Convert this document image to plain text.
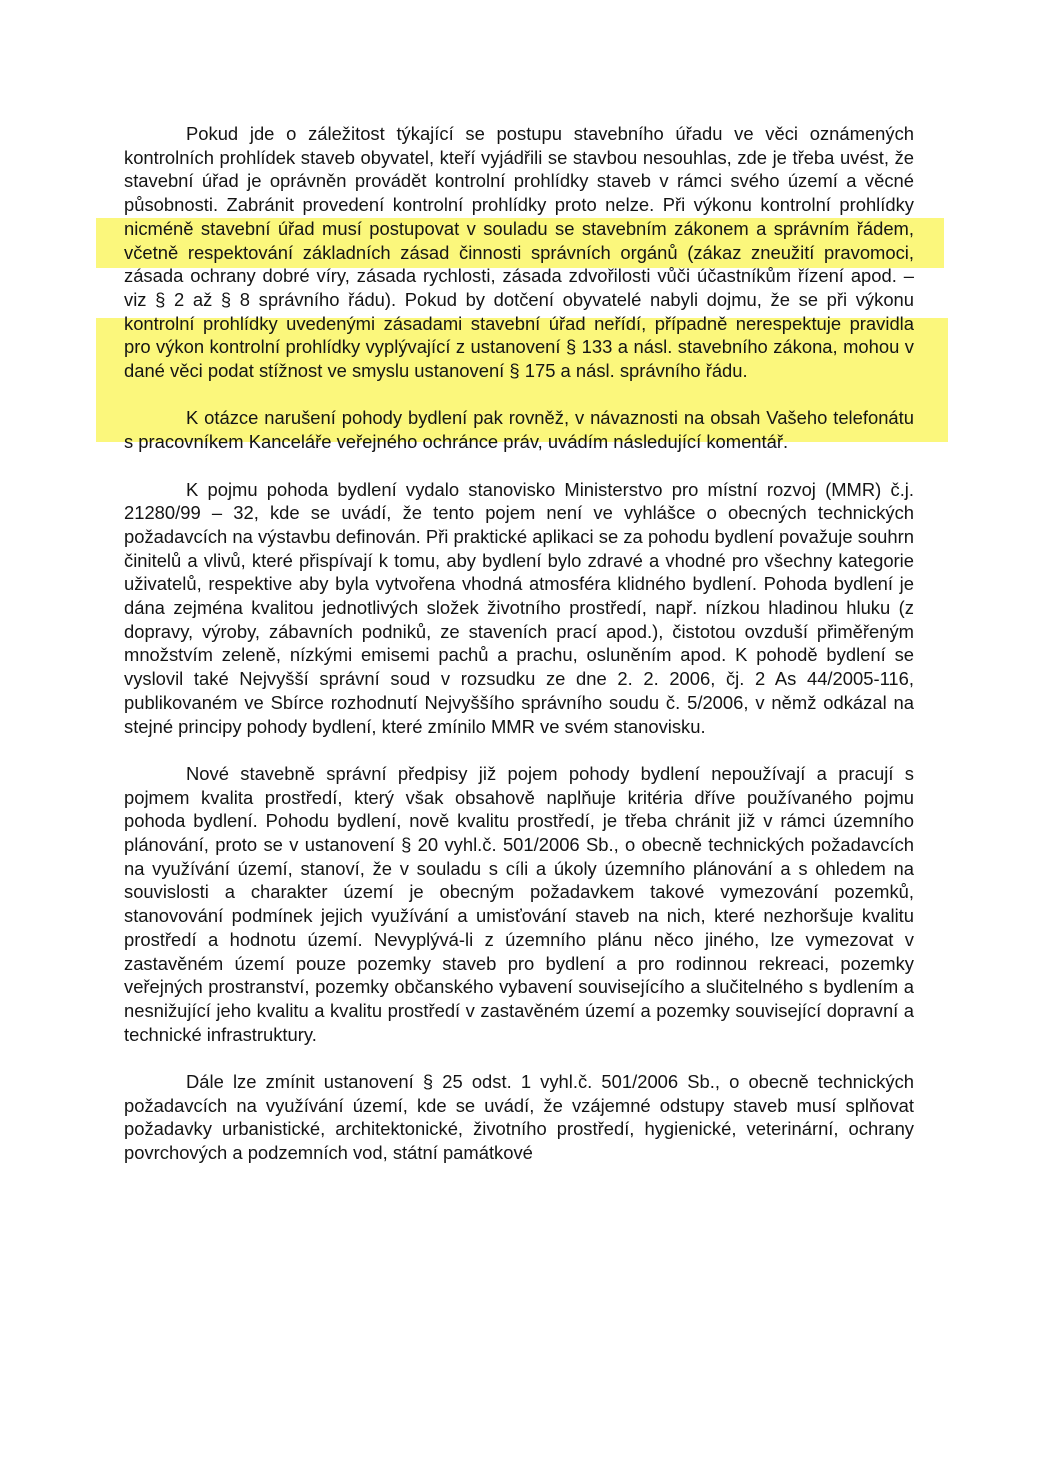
Pokud jde o záležitost týkající se postupu stavebního úřadu ve věci oznámených kontrolních prohlídek staveb obyvatel, kteří vyjádřili se stavbou nesouhlas, zde je třeba uvést, že stavební úřad je oprávněn provádět kontrolní prohlídky staveb v rámci svého území a věcné působnosti. Zabránit provedení kontrolní prohlídky proto nelze. Při výkonu kontrolní prohlídky nicméně stavební úřad musí postupovat v souladu se stavebním zákonem a správním řádem, včetně respektování základních zásad činnosti správních orgánů (zákaz zneužití pravomoci, zásada ochrany dobré víry, zásada rychlosti, zásada zdvořilosti vůči účastníkům řízení apod. – viz § 2 až § 8 správního řádu). Pokud by dotčení obyvatelé nabyli dojmu, že se při výkonu kontrolní prohlídky uvedenými zásadami stavební úřad neřídí, případně nerespektuje pravidla pro výkon kontrolní prohlídky vyplývající z ustanovení § 133 a násl. stavebního zákona, mohou v dané věci podat stížnost ve smyslu ustanovení § 175 a násl. správního řádu.

K otázce narušení pohody bydlení pak rovněž, v návaznosti na obsah Vašeho telefonátu s pracovníkem Kanceláře veřejného ochránce práv, uvádím následující komentář.

K pojmu pohoda bydlení vydalo stanovisko Ministerstvo pro místní rozvoj (MMR) č.j. 21280/99 – 32, kde se uvádí, že tento pojem není ve vyhlášce o obecných technických požadavcích na výstavbu definován. Při praktické aplikaci se za pohodu bydlení považuje souhrn činitelů a vlivů, které přispívají k tomu, aby bydlení bylo zdravé a vhodné pro všechny kategorie uživatelů, respektive aby byla vytvořena vhodná atmosféra klidného bydlení. Pohoda bydlení je dána zejména kvalitou jednotlivých složek životního prostředí, např. nízkou hladinou hluku (z dopravy, výroby, zábavních podniků, ze staveních prací apod.), čistotou ovzduší přiměřeným množstvím zeleně, nízkými emisemi pachů a prachu, osluněním apod. K pohodě bydlení se vyslovil také Nejvyšší správní soud v rozsudku ze dne 2. 2. 2006, čj. 2 As 44/2005-116, publikovaném ve Sbírce rozhodnutí Nejvyššího správního soudu č. 5/2006, v němž odkázal na stejné principy pohody bydlení, které zmínilo MMR ve svém stanovisku.

Nové stavebně správní předpisy již pojem pohody bydlení nepoužívají a pracují s pojmem kvalita prostředí, který však obsahově naplňuje kritéria dříve používaného pojmu pohoda bydlení. Pohodu bydlení, nově kvalitu prostředí, je třeba chránit již v rámci územního plánování, proto se v ustanovení § 20 vyhl.č. 501/2006 Sb., o obecně technických požadavcích na využívání území, stanoví, že v souladu s cíli a úkoly územního plánování a s ohledem na souvislosti a charakter území je obecným požadavkem takové vymezování pozemků, stanovování podmínek jejich využívání a umisťování staveb na nich, které nezhoršuje kvalitu prostředí a hodnotu území. Nevyplývá-li z územního plánu něco jiného, lze vymezovat v zastavěném území pouze pozemky staveb pro bydlení a pro rodinnou rekreaci, pozemky veřejných prostranství, pozemky občanského vybavení souvisejícího a slučitelného s bydlením a nesnižující jeho kvalitu a kvalitu prostředí v zastavěném území a pozemky související dopravní a technické infrastruktury.

Dále lze zmínit ustanovení § 25 odst. 1 vyhl.č. 501/2006 Sb., o obecně technických požadavcích na využívání území, kde se uvádí, že vzájemné odstupy staveb musí splňovat požadavky urbanistické, architektonické, životního prostředí, hygienické, veterinární, ochrany povrchových a podzemních vod, státní památkové
